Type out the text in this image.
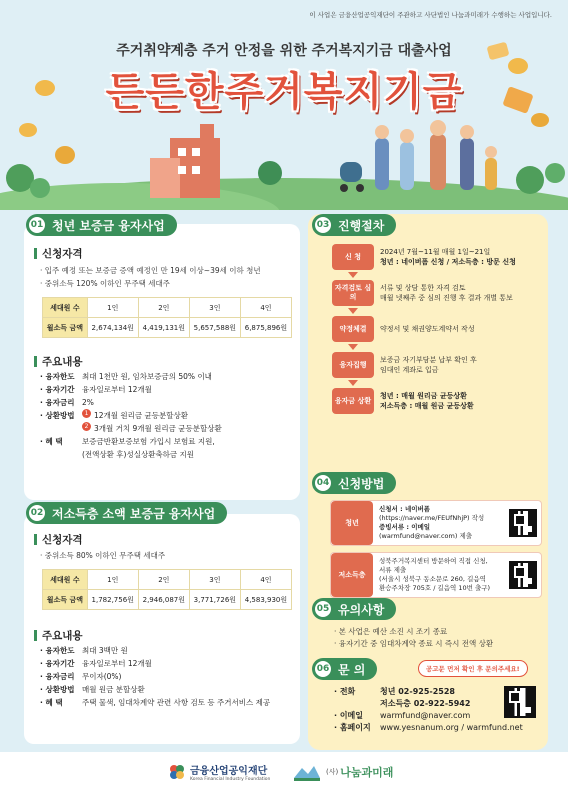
이 사업은 금융산업공익재단이 주관하고 사단법인 나눔과미래가 수행하는 사업입니다.
주거취약계층 주거 안정을 위한 주거복지기금 대출사업
든든한주거복지기금
01 청년 보증금 융자사업
신청자격
· 입주 예정 또는 보증금 증액 예정인 만 19세 이상~39세 이하 청년
· 중위소득 120% 이하인 무주택 세대주
세대원 수	1인	2인	3인	4인
월소득 금액	2,674,134원	4,419,131원	5,657,588원	6,875,896원
주요내용
· 융자한도	최대 1천만 원, 임차보증금의 50% 이내
· 융자기간	융자일로부터 12개월
· 융자금리	2%
· 상환방법	1 12개월 원리금 균등분할상환
2 3개월 거치 9개월 원리금 균등분할상환
· 혜 택	보증금반환보증보험 가입시 보험료 지원,
(전액상환 후)성실상환축하금 지원
02 저소득층 소액 보증금 융자사업
신청자격
· 중위소득 80% 이하인 무주택 세대주
세대원 수	1인	2인	3인	4인
월소득 금액	1,782,756원	2,946,087원	3,771,726원	4,583,930원
주요내용
· 융자한도	최대 3백만 원
· 융자기간	융자일로부터 12개월
· 융자금리	무이자(0%)
· 상환방법	매월 원금 분할상환
· 혜 택	주택 물색, 임대차계약 관련 사항 검토 등 주거서비스 제공
03 진행절차
신 청
2024년 7월~11월 매월 1일~21일
청년 : 네이버폼 신청 / 저소득층 : 방문 신청
자격검토 심의
서류 및 상담 통한 자격 검토
매월 넷째주 중 심의 진행 후 결과 개별 통보
약정체결	약정서 및 채권양도계약서 작성
융자집행
보증금 자기부담분 납부 확인 후
임대인 계좌로 입금
융자금 상환
청년 : 매월 원리금 균등상환
저소득층 : 매월 원금 균등상환
04 신청방법
청년
신청서 : 네이버폼
(https://naver.me/FEUfNhjP) 작성
증빙서류 : 이메일
(warmfund@naver.com) 제출
저소득층
성북주거복지센터 방문하여 직접 신청,
서류 제출
(서울시 성북구 동소문로 260, 길음역
환승주차장 705호 / 길음역 10번 출구)
05 유의사항
· 본 사업은 예산 소진 시 조기 종료
· 융자기간 중 임대차계약 종료 시 즉시 전액 상환
06 문 의	공고문 먼저 확인 후 문의주세요!
· 전화	청년 02-925-2528
저소득층 02-922-5942
· 이메일	warmfund@naver.com
· 홈페이지	www.yesnanum.org / warmfund.net
금융산업공익재단
Korea Financial Industry Foundation
(사) 나눔과미래
